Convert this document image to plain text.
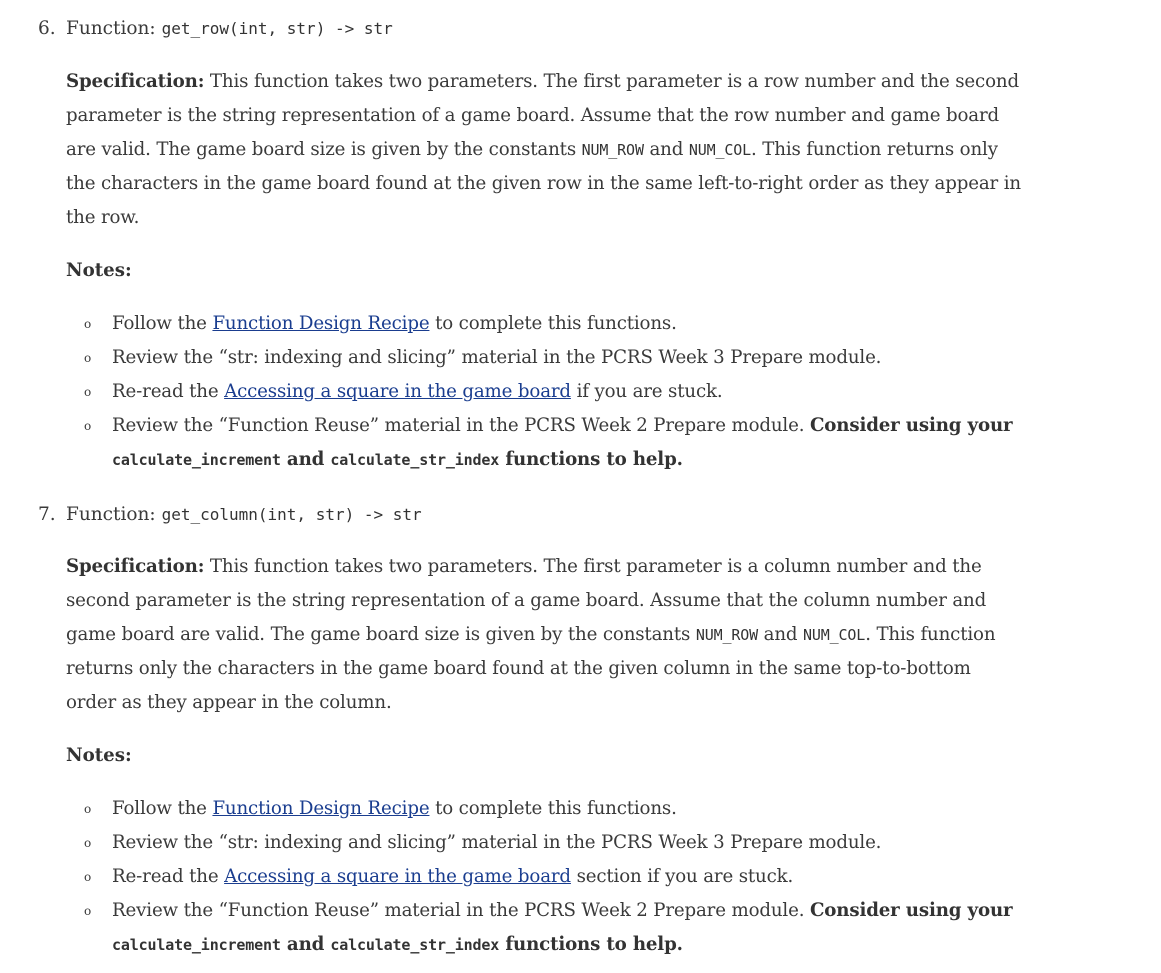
6. Function: get_row(int, str) -> str
Specification: This function takes two parameters. The first parameter is a row number and the second parameter is the string representation of a game board. Assume that the row number and game board are valid. The game board size is given by the constants NUM_ROW and NUM_COL. This function returns only the characters in the game board found at the given row in the same left-to-right order as they appear in the row.
Notes:
o Follow the Function Design Recipe to complete this functions.
o Review the “str: indexing and slicing” material in the PCRS Week 3 Prepare module.
o Re-read the Accessing a square in the game board if you are stuck.
o Review the “Function Reuse” material in the PCRS Week 2 Prepare module. Consider using your
calculate_increment and calculate_str_index functions to help.
7. Function: get_column(int, str) -> str
Specification: This function takes two parameters. The first parameter is a column number and the second parameter is the string representation of a game board. Assume that the column number and game board are valid. The game board size is given by the constants NUM_ROW and NUM_COL. This function returns only the characters in the game board found at the given column in the same top-to-bottom order as they appear in the column.
Notes:
o Follow the Function Design Recipe to complete this functions.
o Review the “str: indexing and slicing” material in the PCRS Week 3 Prepare module.
o Re-read the Accessing a square in the game board section if you are stuck.
o Review the “Function Reuse” material in the PCRS Week 2 Prepare module. Consider using your
calculate_increment and calculate_str_index functions to help.
